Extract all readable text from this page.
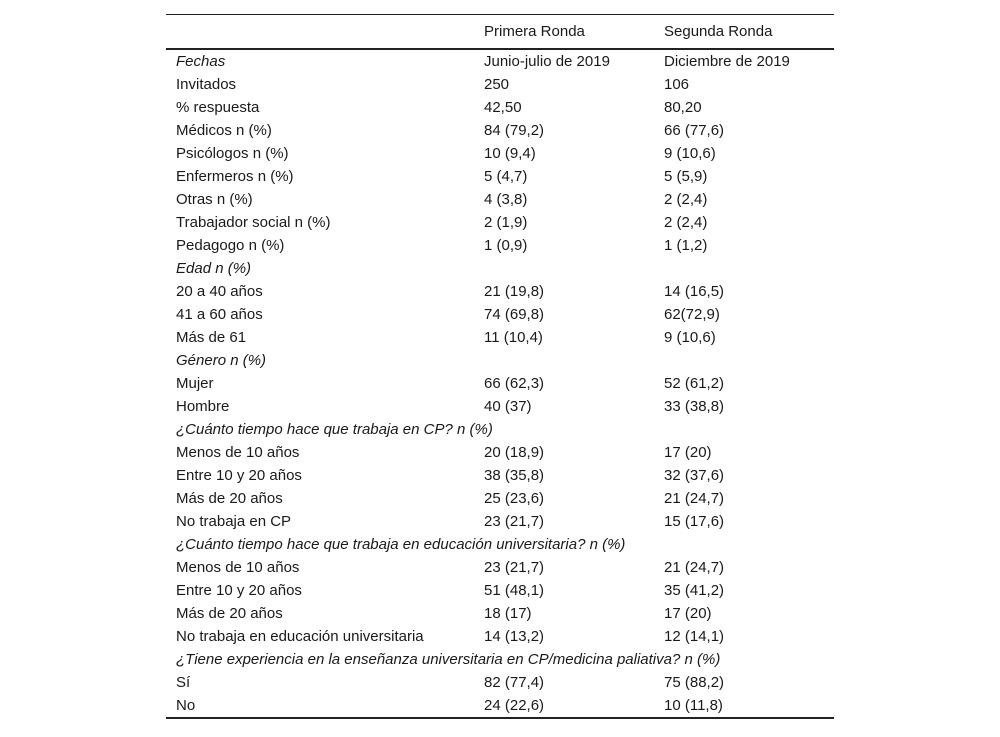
	Primera Ronda	Segunda Ronda
Fechas	Junio-julio de 2019	Diciembre de 2019
Invitados	250	106
% respuesta	42,50	80,20
Médicos n (%)	84 (79,2)	66 (77,6)
Psicólogos n (%)	10 (9,4)	9 (10,6)
Enfermeros n (%)	5 (4,7)	5 (5,9)
Otras n (%)	4 (3,8)	2 (2,4)
Trabajador social n (%)	2 (1,9)	2 (2,4)
Pedagogo n (%)	1 (0,9)	1 (1,2)
Edad n (%)		
20 a 40 años	21 (19,8)	14 (16,5)
41 a 60 años	74 (69,8)	62(72,9)
Más de 61	11 (10,4)	9 (10,6)
Género n (%)		
Mujer	66 (62,3)	52 (61,2)
Hombre	40 (37)	33 (38,8)
¿Cuánto tiempo hace que trabaja en CP? n (%)		
Menos de 10 años	20 (18,9)	17 (20)
Entre 10 y 20 años	38 (35,8)	32 (37,6)
Más de 20 años	25 (23,6)	21 (24,7)
No trabaja en CP	23 (21,7)	15 (17,6)
¿Cuánto tiempo hace que trabaja en educación universitaria? n (%)		
Menos de 10 años	23 (21,7)	21 (24,7)
Entre 10 y 20 años	51 (48,1)	35 (41,2)
Más de 20 años	18 (17)	17 (20)
No trabaja en educación universitaria	14 (13,2)	12 (14,1)
¿Tiene experiencia en la enseñanza universitaria en CP/medicina paliativa? n (%)		
Sí	82 (77,4)	75 (88,2)
No	24 (22,6)	10 (11,8)
